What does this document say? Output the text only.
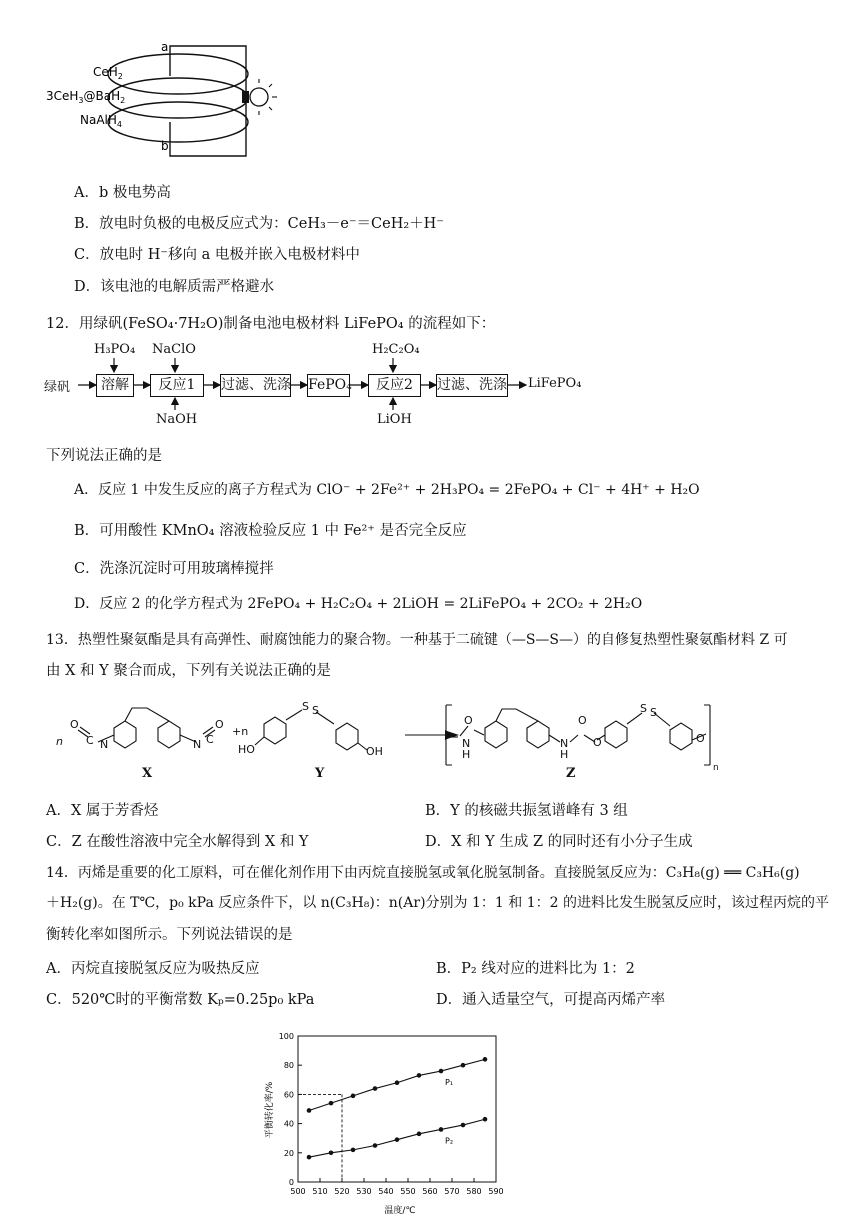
a
b
CeH$_2$
3CeH$_3$@BaH$_2$
NaAlH$_4$
A．b 极电势高
B．放电时负极的电极反应式为：CeH₃－e⁻＝CeH₂＋H⁻
C．放电时 H⁻移向 a 电极并嵌入电极材料中
D．该电池的电解质需严格避水
12．用绿矾(FeSO₄·7H₂O)制备电池电极材料 LiFePO₄ 的流程如下：
绿矾	溶解	反应1	过滤、洗涤 FePO₄	反应2	过滤、洗涤 LiFePO₄
H₃PO₄ NaClO	H₂C₂O₄
NaOH	LiOH
下列说法正确的是
A．反应 1 中发生反应的离子方程式为 ClO⁻ + 2Fe²⁺ + 2H₃PO₄ = 2FePO₄ + Cl⁻ + 4H⁺ + H₂O
B．可用酸性 KMnO₄ 溶液检验反应 1 中 Fe²⁺ 是否完全反应
C．洗涤沉淀时可用玻璃棒搅拌
D．反应 2 的化学方程式为 2FePO₄ + H₂C₂O₄ + 2LiOH = 2LiFePO₄ + 2CO₂ + 2H₂O
13．热塑性聚氨酯是具有高弹性、耐腐蚀能力的聚合物。一种基于二硫键（—S—S—）的自修复热塑性聚氨酯材料 Z 可
由 X 和 Y 聚合而成，下列有关说法正确的是
n
O
C N	N C
O
+n
S S
HO	OH
O
N
H
N
H
O
O
S S
O
n
X	Y	Z
A．X 属于芳香烃	B．Y 的核磁共振氢谱峰有 3 组
C．Z 在酸性溶液中完全水解得到 X 和 Y	D．X 和 Y 生成 Z 的同时还有小分子生成
14．丙烯是重要的化工原料，可在催化剂作用下由丙烷直接脱氢或氧化脱氢制备。直接脱氢反应为：C₃H₈(g) ══ C₃H₆(g)
＋H₂(g)。在 T℃，p₀ kPa 反应条件下，以 n(C₃H₈)：n(Ar)分别为 1：1 和 1：2 的进料比发生脱氢反应时，该过程丙烷的平
衡转化率如图所示。下列说法错误的是
A．丙烷直接脱氢反应为吸热反应	B．P₂ 线对应的进料比为 1：2
C．520℃时的平衡常数 Kₚ=0.25p₀ kPa	D．通入适量空气，可提高丙烯产率
0
20
40
60
80
100
500 510 520 530 540 550 560 570 580 590
P₁
P₂
温度/℃
平衡转化率/%
